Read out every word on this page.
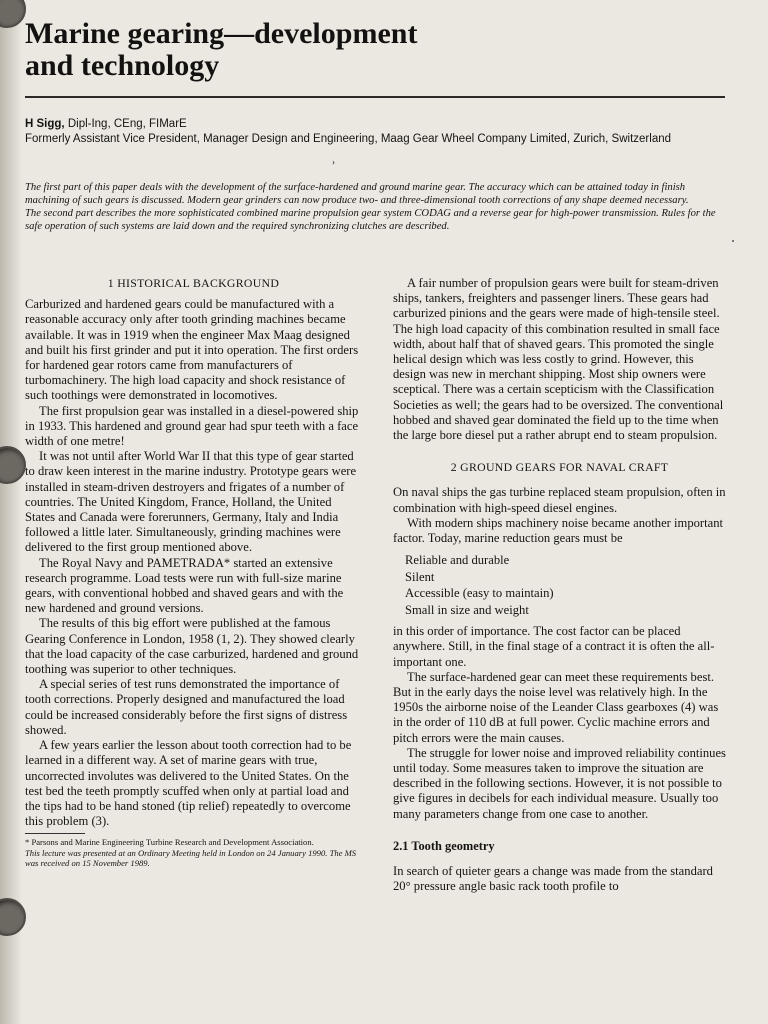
Marine gearing—development
and technology
H Sigg, Dipl-Ing, CEng, FIMarE
Formerly Assistant Vice President, Manager Design and Engineering, Maag Gear Wheel Company Limited, Zurich, Switzerland
›

The first part of this paper deals with the development of the surface-hardened and ground marine gear. The accuracy which can be attained today in finish machining of such gears is discussed. Modern gear grinders can now produce two- and three-dimensional tooth corrections of any shape deemed necessary.

The second part describes the more sophisticated combined marine propulsion gear system CODAG and a reverse gear for high-power transmission. Rules for the safe operation of such systems are laid down and the required synchronizing clutches are described.

1 HISTORICAL BACKGROUND

Carburized and hardened gears could be manufactured with a reasonable accuracy only after tooth grinding machines became available. It was in 1919 when the engineer Max Maag designed and built his first grinder and put it into operation. The first orders for hardened gear rotors came from manufacturers of turbomachinery. The high load capacity and shock resistance of such toothings were demonstrated in locomotives.

The first propulsion gear was installed in a diesel-powered ship in 1933. This hardened and ground gear had spur teeth with a face width of one metre!

It was not until after World War II that this type of gear started to draw keen interest in the marine industry. Prototype gears were installed in steam-driven destroyers and frigates of a number of countries. The United Kingdom, France, Holland, the United States and Canada were forerunners, Germany, Italy and India followed a little later. Simultaneously, grinding machines were delivered to the first group mentioned above.

The Royal Navy and PAMETRADA* started an extensive research programme. Load tests were run with full-size marine gears, with conventional hobbed and shaved gears and with the new hardened and ground versions.

The results of this big effort were published at the famous Gearing Conference in London, 1958 (1, 2). They showed clearly that the load capacity of the case carburized, hardened and ground toothing was superior to other techniques.

A special series of test runs demonstrated the importance of tooth corrections. Properly designed and manufactured the load could be increased considerably before the first signs of distress showed.

A few years earlier the lesson about tooth correction had to be learned in a different way. A set of marine gears with true, uncorrected involutes was delivered to the United States. On the test bed the teeth promptly scuffed when only at partial load and the tips had to be hand stoned (tip relief) repeatedly to overcome this problem (3).

* Parsons and Marine Engineering Turbine Research and Development Association.

This lecture was presented at an Ordinary Meeting held in London on 24 January 1990. The MS was received on 15 November 1989.

A fair number of propulsion gears were built for steam-driven ships, tankers, freighters and passenger liners. These gears had carburized pinions and the gears were made of high-tensile steel. The high load capacity of this combination resulted in small face width, about half that of shaved gears. This promoted the single helical design which was less costly to grind. However, this design was new in merchant shipping. Most ship owners were sceptical. There was a certain scepticism with the Classification Societies as well; the gears had to be oversized. The conventional hobbed and shaved gear dominated the field up to the time when the large bore diesel put a rather abrupt end to steam propulsion.

2 GROUND GEARS FOR NAVAL CRAFT

On naval ships the gas turbine replaced steam propulsion, often in combination with high-speed diesel engines.

With modern ships machinery noise became another important factor. Today, marine reduction gears must be

Reliable and durable
Silent
Accessible (easy to maintain)
Small in size and weight

in this order of importance. The cost factor can be placed anywhere. Still, in the final stage of a contract it is often the all-important one.

The surface-hardened gear can meet these requirements best. But in the early days the noise level was relatively high. In the 1950s the airborne noise of the Leander Class gearboxes (4) was in the order of 110 dB at full power. Cyclic machine errors and pitch errors were the main causes.

The struggle for lower noise and improved reliability continues until today. Some measures taken to improve the situation are described in the following sections. However, it is not possible to give figures in decibels for each individual measure. Usually too many parameters change from one case to another.

2.1 Tooth geometry

In search of quieter gears a change was made from the standard 20° pressure angle basic rack tooth profile to
